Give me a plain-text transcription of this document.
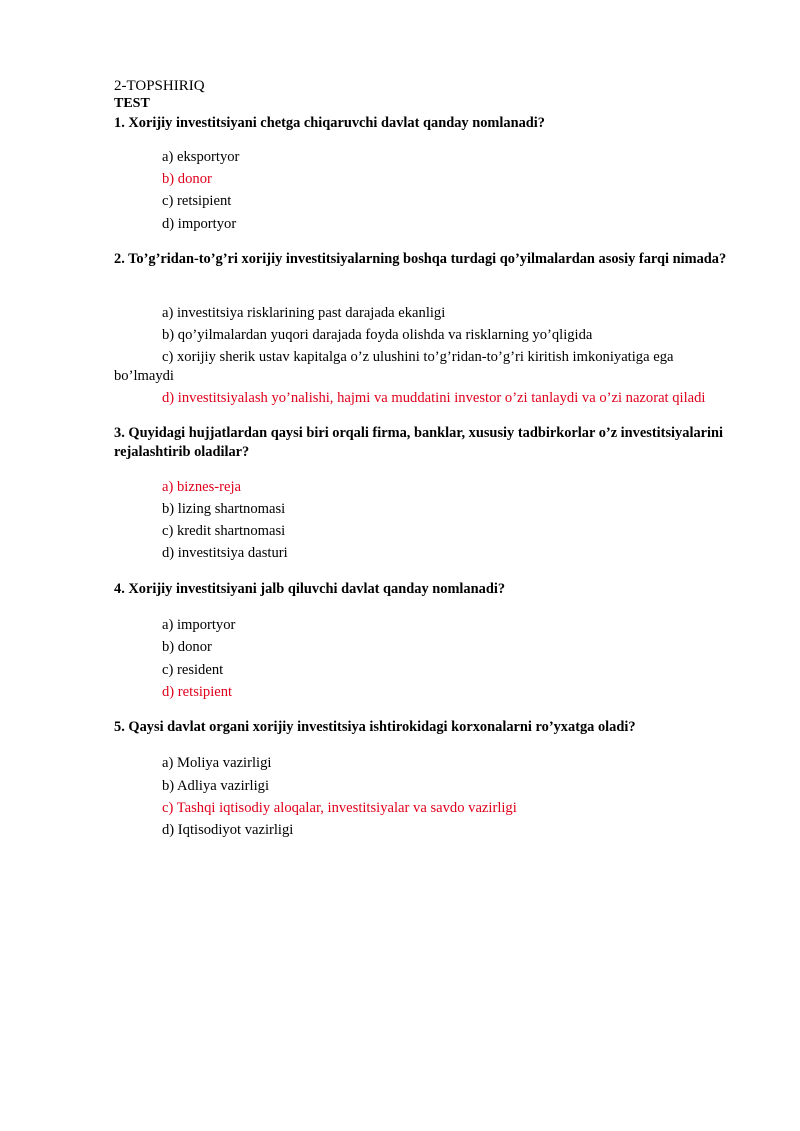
2-TOPSHIRIQ
TEST
1. Xorijiy investitsiyani chetga chiqaruvchi davlat qanday nomlanadi?
a) eksportyor
b) donor
c) retsipient
d) importyor
2. To’g’ridan-to’g’ri xorijiy investitsiyalarning boshqa turdagi qo’yilmalardan asosiy farqi nimada?
a) investitsiya risklarining past darajada ekanligi
b) qo’yilmalardan yuqori darajada foyda olishda va risklarning yo’qligida
c) xorijiy sherik ustav kapitalga o’z ulushini to’g’ridan-to’g’ri kiritish imkoniyatiga ega
bo’lmaydi
d) investitsiyalash yo’nalishi, hajmi va muddatini investor o’zi tanlaydi va o’zi nazorat qiladi
3. Quyidagi hujjatlardan qaysi biri orqali firma, banklar, xususiy tadbirkorlar o’z investitsiyalarini rejalashtirib oladilar?
a) biznes-reja
b) lizing shartnomasi
c) kredit shartnomasi
d) investitsiya dasturi
4. Xorijiy investitsiyani jalb qiluvchi davlat qanday nomlanadi?
a) importyor
b) donor
c) resident
d) retsipient
5. Qaysi davlat organi xorijiy investitsiya ishtirokidagi korxonalarni ro’yxatga oladi?
a) Moliya vazirligi
b) Adliya vazirligi
c) Tashqi iqtisodiy aloqalar, investitsiyalar va savdo vazirligi
d) Iqtisodiyot vazirligi
